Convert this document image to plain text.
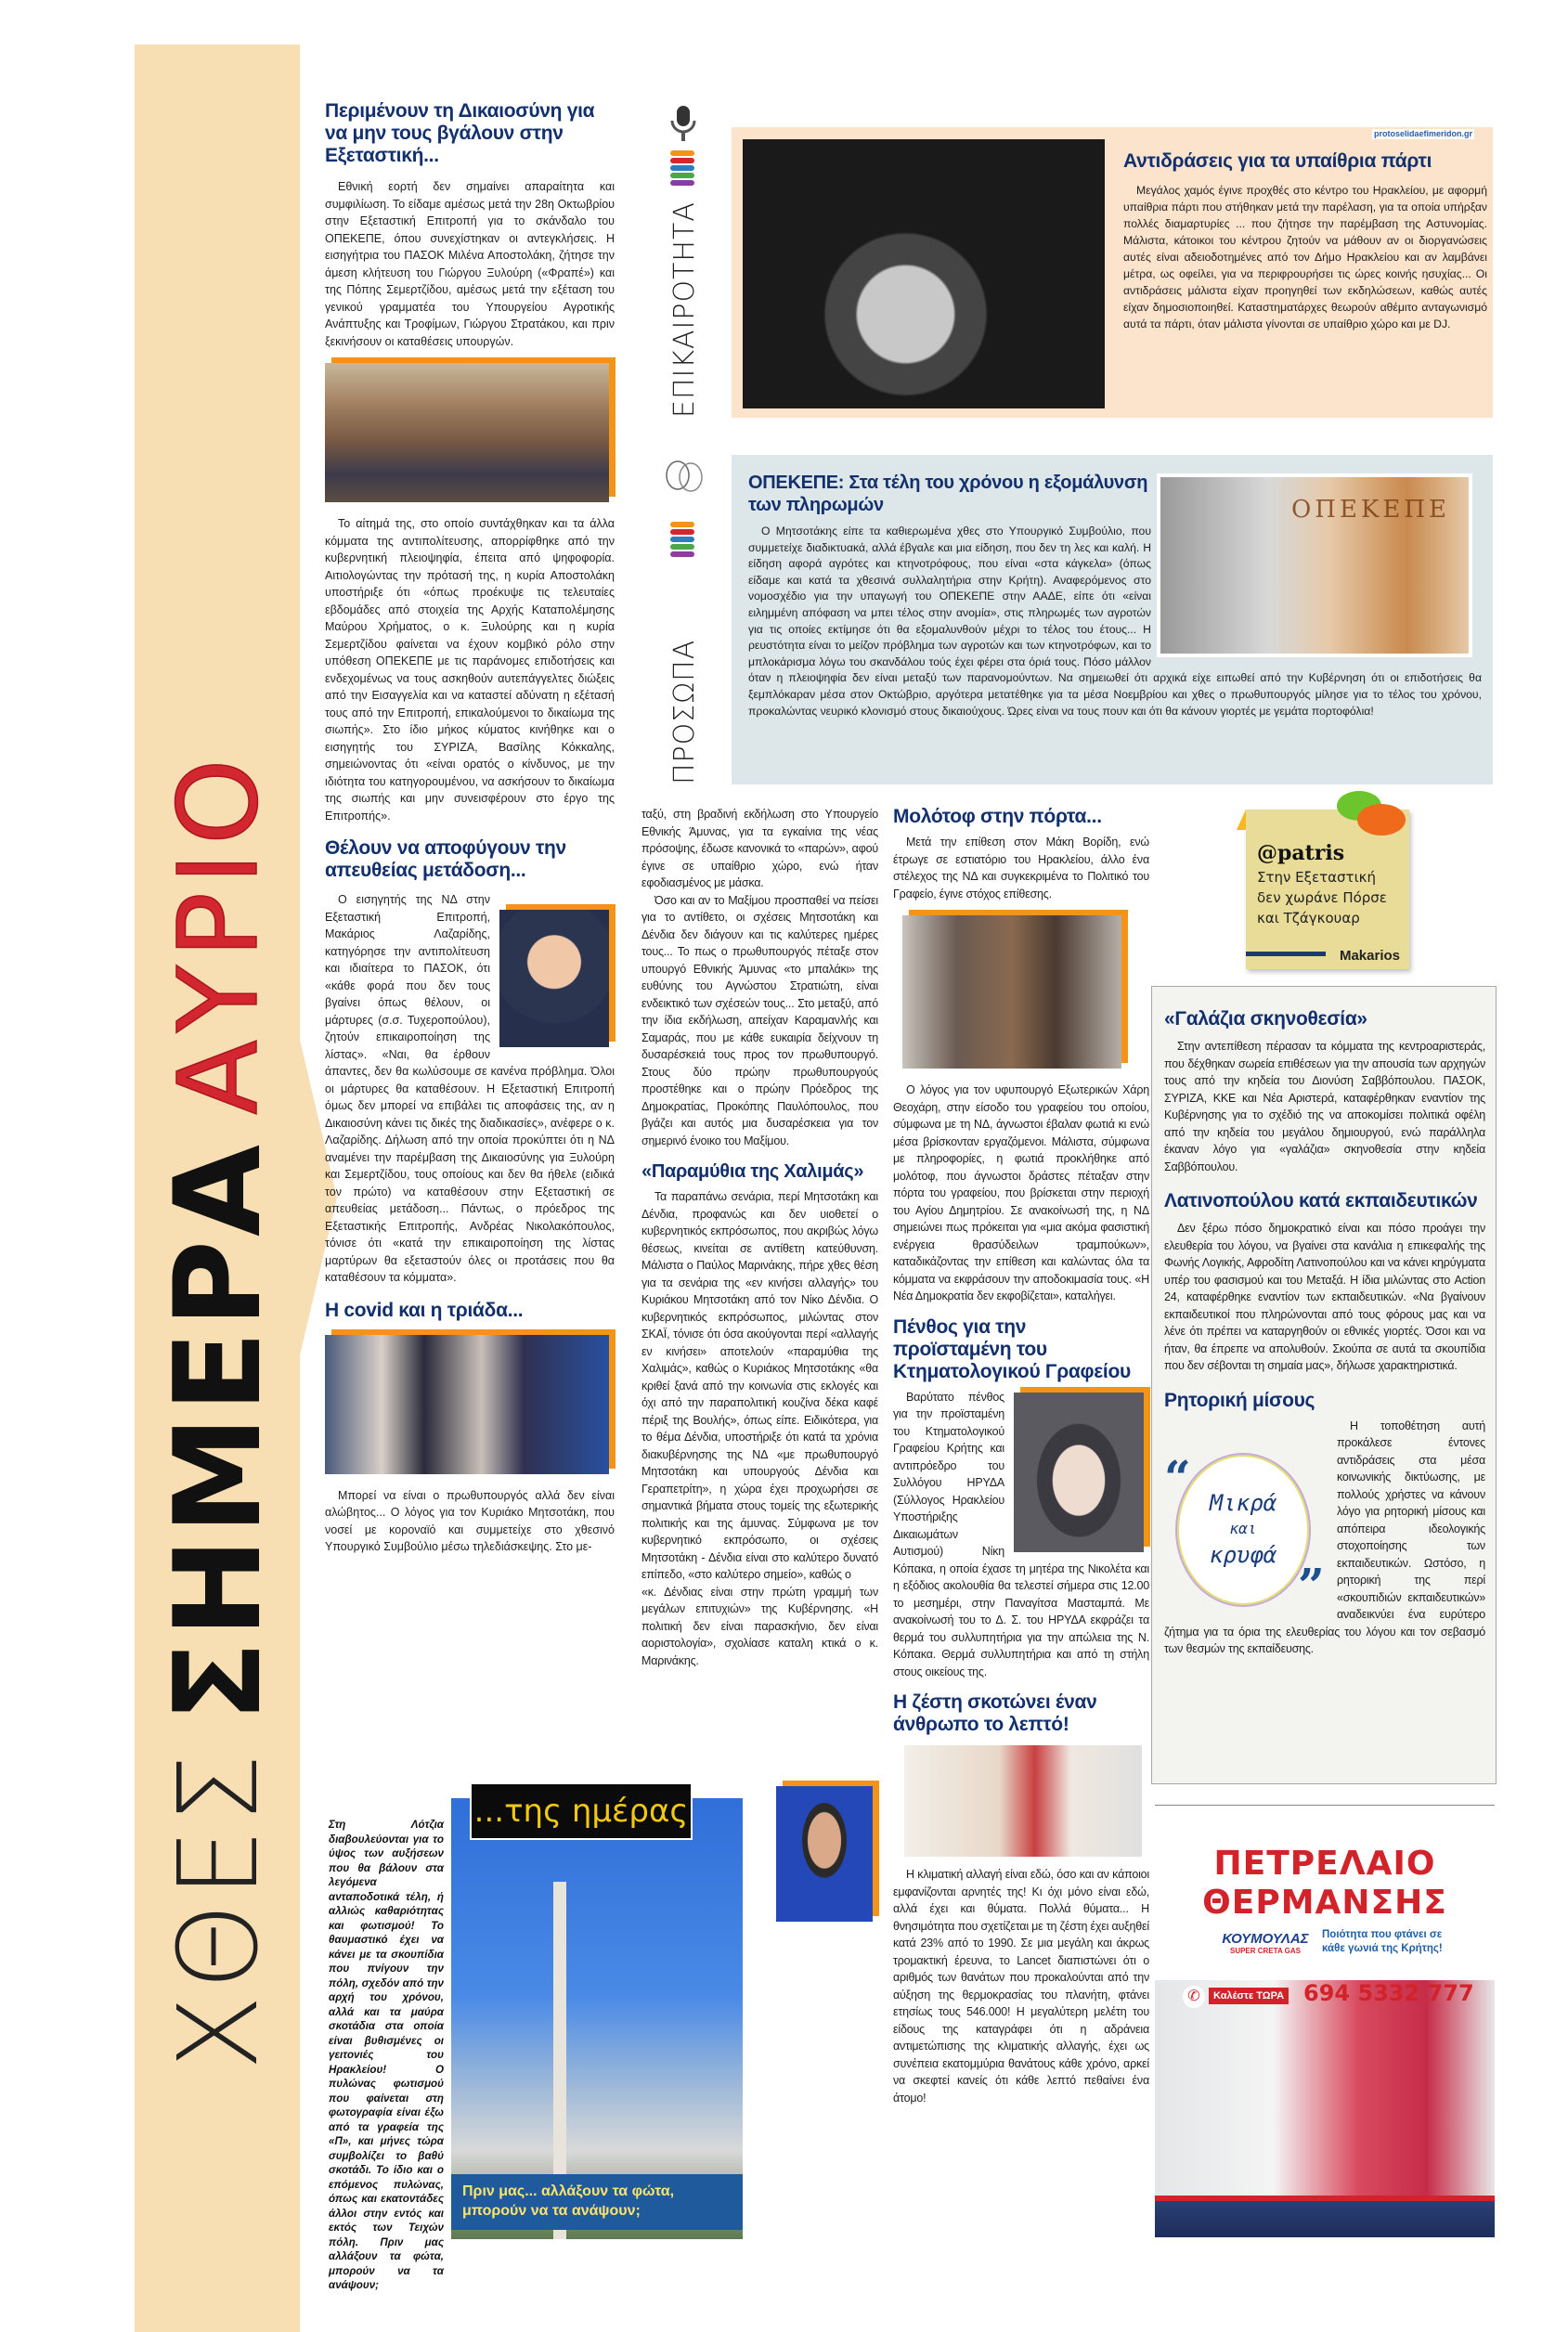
ΧΘΕΣ
ΣΗΜΕΡΑ
ΑΥΡΙΟ
Περιμένουν τη Δικαιοσύνη για να μην τους βγάλουν στην Εξεταστική...

Εθνική εορτή δεν σημαίνει απαραίτητα και συμφιλίωση. Το είδαμε αμέσως μετά την 28η Οκτωβρίου στην Εξεταστική Επιτροπή για το σκάνδαλο του ΟΠΕΚΕΠΕ, όπου συνεχίστηκαν οι αντεγκλήσεις. Η εισηγήτρια του ΠΑΣΟΚ Μιλένα Αποστολάκη, ζήτησε την άμεση κλήτευση του Γιώργου Ξυλούρη («Φραπέ») και της Πόπης Σεμερτζίδου, αμέσως μετά την εξέταση του γενικού γραμματέα του Υπουργείου Αγροτικής Ανάπτυξης και Τροφίμων, Γιώργου Στρατάκου, και πριν ξεκινήσουν οι καταθέσεις υπουργών.

Το αίτημά της, στο οποίο συντάχθηκαν και τα άλλα κόμματα της αντιπολίτευσης, απορρίφθηκε από την κυβερνητική πλειοψηφία, έπειτα από ψηφοφορία. Αιτιολογώντας την πρότασή της, η κυρία Αποστολάκη υποστήριξε ότι «όπως προέκυψε τις τελευταίες εβδομάδες από στοιχεία της Αρχής Καταπολέμησης Μαύρου Χρήματος, ο κ. Ξυλούρης και η κυρία Σεμερτζίδου φαίνεται να έχουν κομβικό ρόλο στην υπόθεση ΟΠΕΚΕΠΕ με τις παράνομες επιδοτήσεις και ενδεχομένως να τους ασκηθούν αυτεπάγγελτες διώξεις από την Εισαγγελία και να καταστεί αδύνατη η εξέτασή τους από την Επιτροπή, επικαλούμενοι το δικαίωμα της σιωπής». Στο ίδιο μήκος κύματος κινήθηκε και ο εισηγητής του ΣΥΡΙΖΑ, Βασίλης Κόκκαλης, σημειώνοντας ότι «είναι ορατός ο κίνδυνος, με την ιδιότητα του κατηγορουμένου, να ασκήσουν το δικαίωμα της σιωπής και μην συνεισφέρουν στο έργο της Επιτροπής».

Θέλουν να αποφύγουν την απευθείας μετάδοση...

Ο εισηγητής της ΝΔ στην Εξεταστική Επιτροπή, Μακάριος Λαζαρίδης, κατηγόρησε την αντιπολίτευση και ιδιαίτερα το ΠΑΣΟΚ, ότι «κάθε φορά που δεν τους βγαίνει όπως θέλουν, οι μάρτυρες (σ.σ. Τυχεροπούλου), ζητούν επικαιροποίηση της λίστας». «Ναι, θα έρθουν άπαντες, δεν θα κωλύσουμε σε κανένα πρόβλημα. Όλοι οι μάρτυρες θα καταθέσουν. Η Εξεταστική Επιτροπή όμως δεν μπορεί να επιβάλει τις αποφάσεις της, αν η Δικαιοσύνη κάνει τις δικές της διαδικασίες», ανέφερε ο κ. Λαζαρίδης. Δήλωση από την οποία προκύπτει ότι η ΝΔ αναμένει την παρέμβαση της Δικαιοσύνης για Ξυλούρη και Σεμερτζίδου, τους οποίους και δεν θα ήθελε (ειδικά τον πρώτο) να καταθέσουν στην Εξεταστική σε απευθείας μετάδοση... Πάντως, ο πρόεδρος της Εξεταστικής Επιτροπής, Ανδρέας Νικολακόπουλος, τόνισε ότι «κατά την επικαιροποίηση της λίστας μαρτύρων θα εξεταστούν όλες οι προτάσεις που θα καταθέσουν τα κόμματα».

Η covid και η τριάδα...

Μπορεί να είναι ο πρωθυπουργός αλλά δεν είναι αλώβητος... Ο λόγος για τον Κυριάκο Μητσοτάκη, που νοσεί με κοροναϊό και συμμετείχε στο χθεσινό Υπουργικό Συμβούλιο μέσω τηλεδιάσκεψης. Στο με-

Στη Λότζια διαβουλεύονται για το ύψος των αυξήσεων που θα βάλουν στα λεγόμενα ανταποδοτικά τέλη, ή αλλιώς καθαριότητας και φωτισμού! Το θαυμαστικό έχει να κάνει με τα σκουπίδια που πνίγουν την πόλη, σχεδόν από την αρχή του χρόνου, αλλά και τα μαύρα σκοτάδια στα οποία είναι βυθισμένες οι γειτονιές του Ηρακλείου! Ο πυλώνας φωτισμού που φαίνεται στη φωτογραφία είναι έξω από τα γραφεία της «Π», και μήνες τώρα συμβολίζει το βαθύ σκοτάδι. Το ίδιο και ο επόμενος πυλώνας, όπως και εκατοντάδες άλλοι στην εντός και εκτός των Τειχών πόλη. Πριν μας αλλάξουν τα φώτα, μπορούν να τα ανάψουν;
...της ημέρας
Πριν μας... αλλάξουν τα φώτα, μπορούν να τα ανάψουν;
ΕΠΙΚΑΙΡΟΤΗΤΑ
ΠΡΟΣΩΠΑ
Αντιδράσεις για τα υπαίθρια πάρτι

Μεγάλος χαμός έγινε προχθές στο κέντρο του Ηρακλείου, με αφορμή υπαίθρια πάρτι που στήθηκαν μετά την παρέλαση, για τα οποία υπήρξαν πολλές διαμαρτυρίες ... που ζήτησε την παρέμβαση της Αστυνομίας. Μάλιστα, κάτοικοι του κέντρου ζητούν να μάθουν αν οι διοργανώσεις αυτές είναι αδειοδοτημένες από τον Δήμο Ηρακλείου και αν λαμβάνει μέτρα, ως οφείλει, για να περιφρουρήσει τις ώρες κοινής ησυχίας... Οι αντιδράσεις μάλιστα είχαν προηγηθεί των εκδηλώσεων, καθώς αυτές είχαν δημοσιοποιηθεί. Καταστηματάρχες θεωρούν αθέμιτο ανταγωνισμό αυτά τα πάρτι, όταν μάλιστα γίνονται σε υπαίθριο χώρο και με DJ.

protoselidaefimeridon.gr
ΟΠΕΚΕΠΕ
ΟΠΕΚΕΠΕ: Στα τέλη του χρόνου η εξομάλυνση των πληρωμών

Ο Μητσοτάκης είπε τα καθιερωμένα χθες στο Υπουργικό Συμβούλιο, που συμμετείχε διαδικτυακά, αλλά έβγαλε και μια είδηση, που δεν τη λες και καλή. Η είδηση αφορά αγρότες και κτηνοτρόφους, που είναι «στα κάγκελα» (όπως είδαμε και κατά τα χθεσινά συλλαλητήρια στην Κρήτη). Αναφερόμενος στο νομοσχέδιο για την υπαγωγή του ΟΠΕΚΕΠΕ στην ΑΑΔΕ, είπε ότι «είναι ειλημμένη απόφαση να μπει τέλος στην ανομία», στις πληρωμές των αγροτών για τις οποίες εκτίμησε ότι θα εξομαλυνθούν μέχρι το τέλος του έτους... Η ρευστότητα είναι το μείζον πρόβλημα των αγροτών και των κτηνοτρόφων, και το μπλοκάρισμα λόγω του σκανδάλου τούς έχει φέρει στα όριά τους. Πόσο μάλλον όταν η πλειοψηφία δεν είναι μεταξύ των παρανομούντων. Να σημειωθεί ότι αρχικά είχε ειπωθεί από την Κυβέρνηση ότι οι επιδοτήσεις θα ξεμπλόκαραν μέσα στον Οκτώβριο, αργότερα μετατέθηκε για τα μέσα Νοεμβρίου και χθες ο πρωθυπουργός μίλησε για το τέλος του χρόνου, προκαλώντας νευρικό κλονισμό στους δικαιούχους. Ώρες είναι να τους πουν και ότι θα κάνουν γιορτές με γεμάτα πορτοφόλια!

@patris
Στην Εξεταστική δεν χωράνε Πόρσε και Τζάγκουαρ
Makarios

ταξύ, στη βραδινή εκδήλωση στο Υπουργείο Εθνικής Άμυνας, για τα εγκαίνια της νέας πρόσοψης, έδωσε κανονικά το «παρών», αφού έγινε σε υπαίθριο χώρο, ενώ ήταν εφοδιασμένος με μάσκα.

Όσο και αν το Μαξίμου προσπαθεί να πείσει για το αντίθετο, οι σχέσεις Μητσοτάκη και Δένδια δεν διάγουν και τις καλύτερες ημέρες τους... Το πως ο πρωθυπουργός πέταξε στον υπουργό Εθνικής Άμυνας «το μπαλάκι» της ευθύνης του Αγνώστου Στρατιώτη, είναι ενδεικτικό των σχέσεών τους... Στο μεταξύ, από την ίδια εκδήλωση, απείχαν Καραμανλής και Σαμαράς, που με κάθε ευκαιρία δείχνουν τη δυσαρέσκειά τους προς τον πρωθυπουργό. Στους δύο πρώην πρωθυπουργούς προστέθηκε και ο πρώην Πρόεδρος της Δημοκρατίας, Προκόπης Παυλόπουλος, που βγάζει και αυτός μια δυσαρέσκεια για τον σημερινό ένοικο του Μαξίμου.

«Παραμύθια της Χαλιμάς»

Τα παραπάνω σενάρια, περί Μητσοτάκη και Δένδια, προφανώς και δεν υιοθετεί ο κυβερνητικός εκπρόσωπος, που ακριβώς λόγω θέσεως, κινείται σε αντίθετη κατεύθυνση. Μάλιστα ο Παύλος Μαρινάκης, πήρε χθες θέση για τα σενάρια της «εν κινήσει αλλαγής» του Κυριάκου Μητσοτάκη από τον Νίκο Δένδια. Ο κυβερνητικός εκπρόσωπος, μιλώντας στον ΣΚΑΪ, τόνισε ότι όσα ακούγονται περί «αλλαγής εν κινήσει» αποτελούν «παραμύθια της Χαλιμάς», καθώς ο Κυριάκος Μητσοτάκης «θα κριθεί ξανά από την κοινωνία στις εκλογές και όχι από την παραπολιτική κουζίνα δέκα καφέ πέριξ της Βουλής», όπως είπε. Ειδικότερα, για το θέμα Δένδια, υποστήριξε ότι κατά τα χρόνια διακυβέρνησης της ΝΔ «με πρωθυπουργό Μητσοτάκη και υπουργούς Δένδια και Γεραπετρίτη», η χώρα έχει προχωρήσει σε σημαντικά βήματα στους τομείς της εξωτερικής πολιτικής και της άμυνας. Σύμφωνα με τον κυβερνητικό εκπρόσωπο, οι σχέσεις Μητσοτάκη - Δένδια είναι στο καλύτερο δυνατό επίπεδο, «στο καλύτερο σημείο», καθώς ο

«κ. Δένδιας είναι στην πρώτη γραμμή των μεγάλων επιτυχιών» της Κυβέρνησης. «Η πολιτική δεν είναι παρασκήνιο, δεν είναι αοριστολογία», σχολίασε καταλη κτικά ο κ. Μαρινάκης.

Μολότοφ στην πόρτα...

Μετά την επίθεση στον Μάκη Βορίδη, ενώ έτρωγε σε εστιατόριο του Ηρακλείου, άλλο ένα στέλεχος της ΝΔ και συγκεκριμένα το Πολιτικό του Γραφείο, έγινε στόχος επίθεσης.

Ο λόγος για τον υφυπουργό Εξωτερικών Χάρη Θεοχάρη, στην είσοδο του γραφείου του οποίου, σύμφωνα με τη ΝΔ, άγνωστοι έβαλαν φωτιά κι ενώ μέσα βρίσκονταν εργαζόμενοι. Μάλιστα, σύμφωνα με πληροφορίες, η φωτιά προκλήθηκε από μολότοφ, που άγνωστοι δράστες πέταξαν στην πόρτα του γραφείου, που βρίσκεται στην περιοχή του Αγίου Δημητρίου. Σε ανακοίνωσή της, η ΝΔ σημειώνει πως πρόκειται για «μια ακόμα φασιστική ενέργεια θρασύδειλων τραμπούκων», καταδικάζοντας την επίθεση και καλώντας όλα τα κόμματα να εκφράσουν την αποδοκιμασία τους. «Η Νέα Δημοκρατία δεν εκφοβίζεται», καταλήγει.

Πένθος για την προϊσταμένη του Κτηματολογικού Γραφείου

Βαρύτατο πένθος για την προϊσταμένη του Κτηματολογικού Γραφείου Κρήτης και αντιπρόεδρο του Συλλόγου ΗΡΥΔΑ (Σύλλογος Ηρακλείου Υποστήριξης Δικαιωμάτων Αυτισμού) Νίκη Κόπακα, η οποία έχασε τη μητέρα της Νικολέτα και η εξόδιος ακολουθία θα τελεστεί σήμερα στις 12.00 το μεσημέρι, στην Παναγίτσα Μασταμπά. Με ανακοίνωσή του το Δ. Σ. του ΗΡΥΔΑ εκφράζει τα θερμά του συλλυπητήρια για την απώλεια της Ν. Κόπακα. Θερμά συλλυπητήρια και από τη στήλη στους οικείους της.

Η ζέστη σκοτώνει έναν άνθρωπο το λεπτό!

Η κλιματική αλλαγή είναι εδώ, όσο και αν κάποιοι εμφανίζονται αρνητές της! Κι όχι μόνο είναι εδώ, αλλά έχει και θύματα. Πολλά θύματα... Η θνησιμότητα που σχετίζεται με τη ζέστη έχει αυξηθεί κατά 23% από το 1990. Σε μια μεγάλη και άκρως τρομακτική έρευνα, το Lancet διαπιστώνει ότι ο αριθμός των θανάτων που προκαλούνται από την αύξηση της θερμοκρασίας του πλανήτη, φτάνει ετησίως τους 546.000! Η μεγαλύτερη μελέτη του είδους της καταγράφει ότι η αδράνεια αντιμετώπισης της κλιματικής αλλαγής, έχει ως συνέπεια εκατομμύρια θανάτους κάθε χρόνο, αρκεί να σκεφτεί κανείς ότι κάθε λεπτό πεθαίνει ένα άτομο!

«Γαλάζια σκηνοθεσία»

Στην αντεπίθεση πέρασαν τα κόμματα της κεντροαριστεράς, που δέχθηκαν σωρεία επιθέσεων για την απουσία των αρχηγών τους από την κηδεία του Διονύση Σαββόπουλου. ΠΑΣΟΚ, ΣΥΡΙΖΑ, ΚΚΕ και Νέα Αριστερά, καταφέρθηκαν εναντίον της Κυβέρνησης για το σχέδιό της να αποκομίσει πολιτικά οφέλη από την κηδεία του μεγάλου δημιουργού, ενώ παράλληλα έκαναν λόγο για «γαλάζια» σκηνοθεσία στην κηδεία Σαββόπουλου.

Λατινοπούλου κατά εκπαιδευτικών

Δεν ξέρω πόσο δημοκρατικό είναι και πόσο προάγει την ελευθερία του λόγου, να βγαίνει στα κανάλια η επικεφαλής της Φωνής Λογικής, Αφροδίτη Λατινοπούλου και να κάνει κηρύγματα υπέρ του φασισμού και του Μεταξά. Η ίδια μιλώντας στο Action 24, καταφέρθηκε εναντίον των εκπαιδευτικών. «Να βγαίνουν εκπαιδευτικοί που πληρώνονται από τους φόρους μας και να λένε ότι πρέπει να καταργηθούν οι εθνικές γιορτές. Όσοι και να ήταν, θα έπρεπε να απολυθούν. Σκούπα σε αυτά τα σκουπίδια που δεν σέβονται τη σημαία μας», δήλωσε χαρακτηριστικά.

Ρητορική μίσους
“ Μικρά
και
κρυφά
”

Η τοποθέτηση αυτή προκάλεσε έντονες αντιδράσεις στα μέσα κοινωνικής δικτύωσης, με πολλούς χρήστες να κάνουν λόγο για ρητορική μίσους και απόπειρα ιδεολογικής στοχοποίησης των εκπαιδευτικών. Ωστόσο, η ρητορική της περί «σκουπιδιών εκπαιδευτικών» αναδεικνύει ένα ευρύτερο ζήτημα για τα όρια της ελευθερίας του λόγου και τον σεβασμό των θεσμών της εκπαίδευσης.

ΠΕΤΡΕΛΑΙΟ
ΘΕΡΜΑΝΣΗΣ
ΚΟΥΜΟΥΛΑΣ
SUPER CRETA GAS
Ποιότητα που φτάνει σε κάθε γωνιά της Κρήτης!
✆	Καλέστε ΤΩΡΑ 694 5332 777
